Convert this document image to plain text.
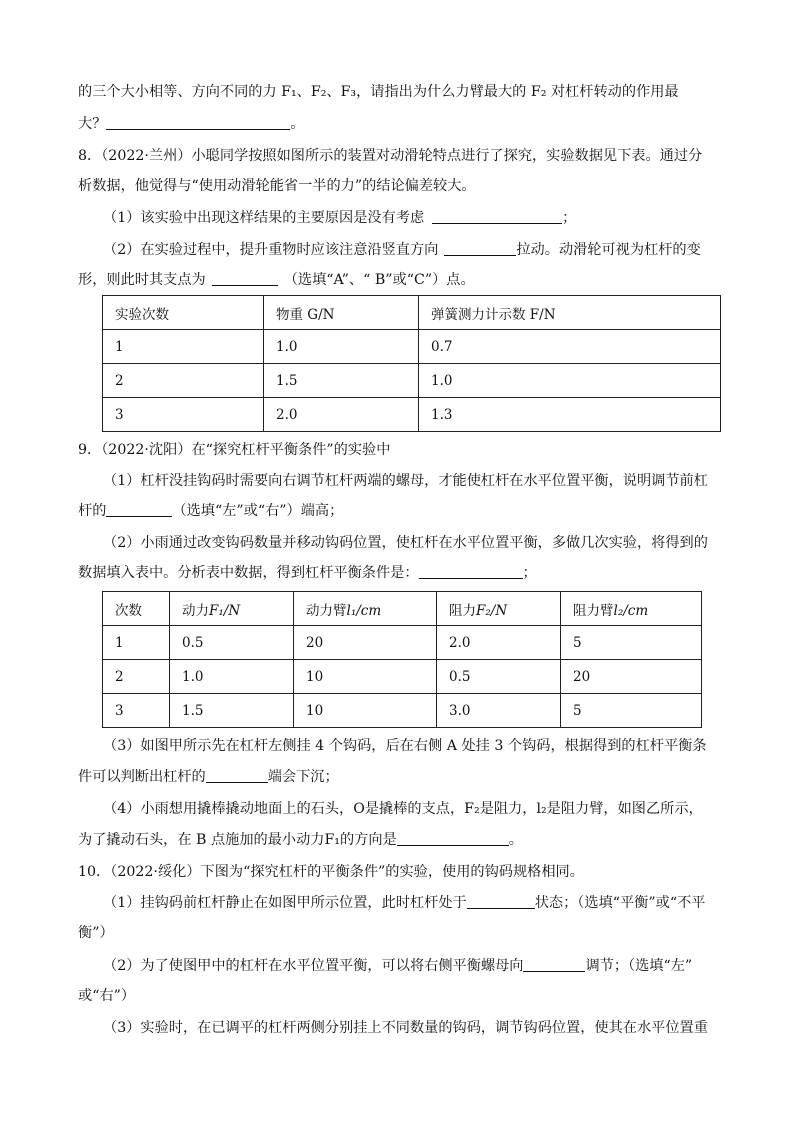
的三个大小相等、方向不同的力 F₁、F₂、F₃，请指出为什么力臂最大的 F₂ 对杠杆转动的作用最
大？	。
8．（2022·兰州）小聪同学按照如图所示的装置对动滑轮特点进行了探究，实验数据见下表。通过分
析数据，他觉得与“使用动滑轮能省一半的力”的结论偏差较大。
（1）该实验中出现这样结果的主要原因是没有考虑	；
（2）在实验过程中，提升重物时应该注意沿竖直方向	拉动。动滑轮可视为杠杆的变
形，则此时其支点为	（选填“A”、“ B”或“C”）点。
实验次数	物重 G/N	弹簧测力计示数 F/N
1	1.0	0.7
2	1.5	1.0
3	2.0	1.3
9．（2022·沈阳）在“探究杠杆平衡条件”的实验中
（1）杠杆没挂钩码时需要向右调节杠杆两端的螺母，才能使杠杆在水平位置平衡，说明调节前杠
杆的	（选填“左”或“右”）端高；
（2）小雨通过改变钩码数量并移动钩码位置，使杠杆在水平位置平衡，多做几次实验，将得到的
数据填入表中。分析表中数据，得到杠杆平衡条件是：	；
次数	动力F₁/N	动力臂l₁/cm	阻力F₂/N	阻力臂l₂/cm
1	0.5	20	2.0	5
2	1.0	10	0.5	20
3	1.5	10	3.0	5
（3）如图甲所示先在杠杆左侧挂 4 个钩码，后在右侧 A 处挂 3 个钩码，根据得到的杠杆平衡条
件可以判断出杠杆的	端会下沉；
（4）小雨想用撬棒撬动地面上的石头，O是撬棒的支点，F₂是阻力，l₂是阻力臂，如图乙所示，
为了撬动石头，在 B 点施加的最小动力F₁的方向是	。
10．（2022·绥化）下图为“探究杠杆的平衡条件”的实验，使用的钩码规格相同。
（1）挂钩码前杠杆静止在如图甲所示位置，此时杠杆处于	状态；（选填“平衡”或“不平
衡”）
（2）为了使图甲中的杠杆在水平位置平衡，可以将右侧平衡螺母向	调节；（选填“左”
或“右”）
（3）实验时，在已调平的杠杆两侧分别挂上不同数量的钩码，调节钩码位置，使其在水平位置重
